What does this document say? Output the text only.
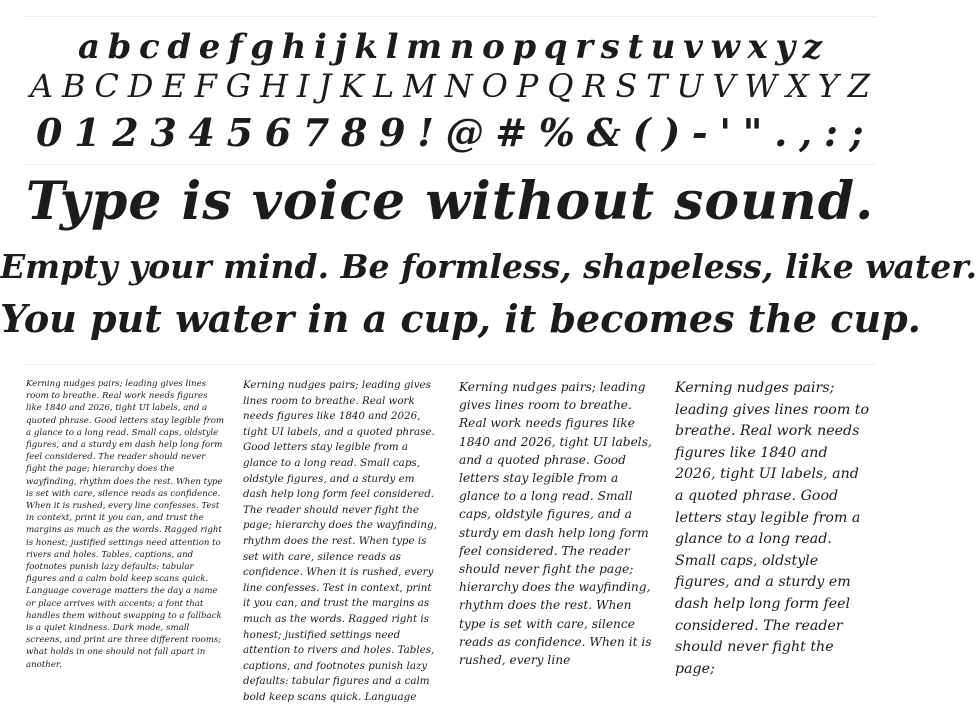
a b c d e f g h i j k l m n o p q r s t u v w x y z
A B C D E F G H I J K L M N O P Q R S T U V W X Y Z
0 1 2 3 4 5 6 7 8 9 ! @ # % & ( ) - ' " . , : ;
Type is voice without sound.
Empty your mind. Be formless, shapeless, like water.
You put water in a cup, it becomes the cup.
Kerning nudges pairs; leading gives lines room to breathe. Real work needs figures like 1840 and 2026, tight UI labels, and a quoted phrase. Good letters stay legible from a glance to a long read. Small caps, oldstyle figures, and a sturdy em dash help long form feel considered. The reader should never fight the page; hierarchy does the wayfinding, rhythm does the rest. When type is set with care, silence reads as confidence. When it is rushed, every line confesses. Test in context, print it you can, and trust the margins as much as the words. Ragged right is honest; justified settings need attention to rivers and holes. Tables, captions, and footnotes punish lazy defaults: tabular figures and a calm bold keep scans quick. Language coverage matters the day a name or place arrives with accents; a font that handles them without swapping to a fallback is a quiet kindness. Dark mode, small screens, and print are three different rooms; what holds in one should not fall apart in another.
Kerning nudges pairs; leading gives lines room to breathe. Real work needs figures like 1840 and 2026, tight UI labels, and a quoted phrase. Good letters stay legible from a glance to a long read. Small caps, oldstyle figures, and a sturdy em dash help long form feel considered. The reader should never fight the page; hierarchy does the wayfinding, rhythm does the rest. When type is set with care, silence reads as confidence. When it is rushed, every line confesses. Test in context, print it you can, and trust the margins as much as the words. Ragged right is honest; justified settings need attention to rivers and holes. Tables, captions, and footnotes punish lazy defaults: tabular figures and a calm bold keep scans quick. Language
Kerning nudges pairs; leading gives lines room to breathe. Real work needs figures like 1840 and 2026, tight UI labels, and a quoted phrase. Good letters stay legible from a glance to a long read. Small caps, oldstyle figures, and a sturdy em dash help long form feel considered. The reader should never fight the page; hierarchy does the wayfinding, rhythm does the rest. When type is set with care, silence reads as confidence. When it is rushed, every line
Kerning nudges pairs; leading gives lines room to breathe. Real work needs figures like 1840 and 2026, tight UI labels, and a quoted phrase. Good letters stay legible from a glance to a long read. Small caps, oldstyle figures, and a sturdy em dash help long form feel considered. The reader should never fight the page;
